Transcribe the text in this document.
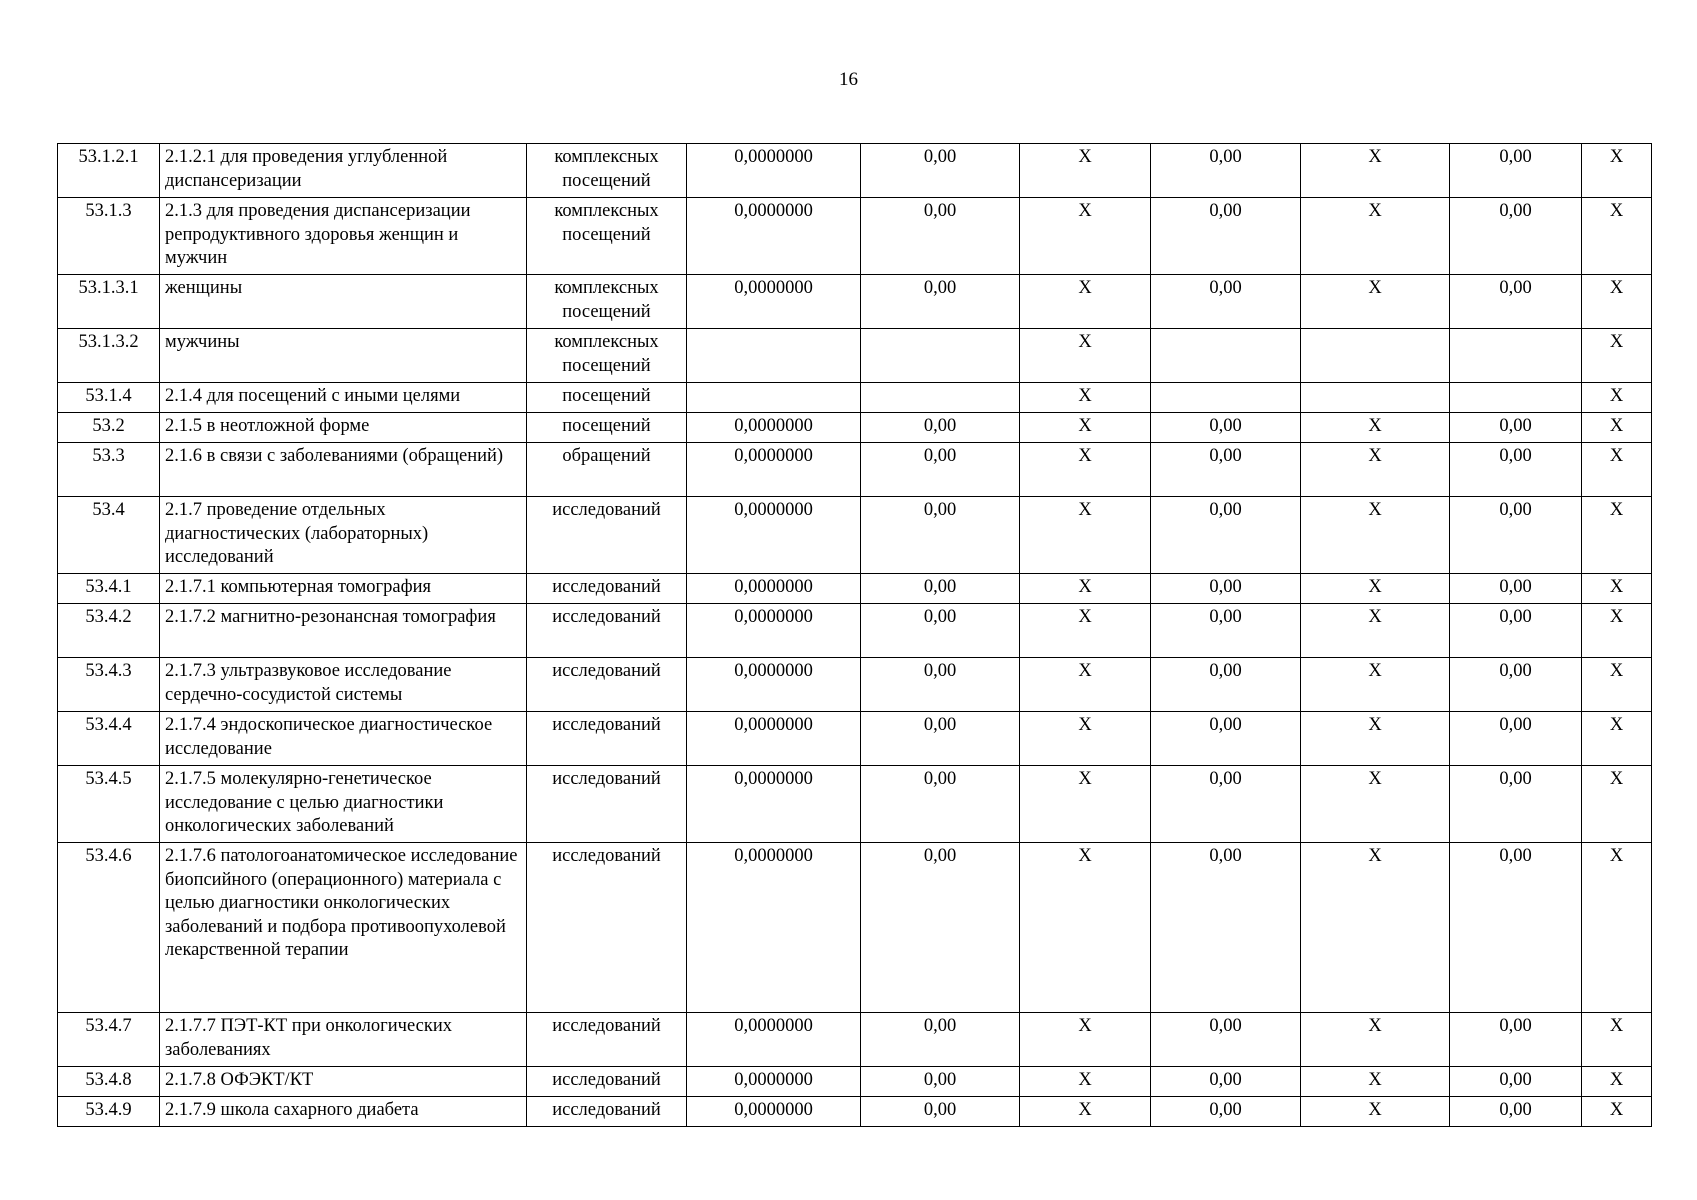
16
53.1.2.1	2.1.2.1 для проведения углубленной диспансеризации	комплексных посещений	0,0000000	0,00	Х	0,00	Х	0,00	Х
53.1.3	2.1.3 для проведения диспансеризации репродуктивного здоровья женщин и мужчин	комплексных посещений	0,0000000	0,00	Х	0,00	Х	0,00	Х
53.1.3.1	женщины	комплексных посещений	0,0000000	0,00	Х	0,00	Х	0,00	Х
53.1.3.2	мужчины	комплексных посещений			Х				Х
53.1.4	2.1.4 для посещений с иными целями	посещений			Х				Х
53.2	2.1.5 в неотложной форме	посещений	0,0000000	0,00	Х	0,00	Х	0,00	Х
53.3	2.1.6 в связи с заболеваниями (обращений)	обращений	0,0000000	0,00	Х	0,00	Х	0,00	Х
53.4	2.1.7 проведение отдельных диагностических (лабораторных) исследований	исследований	0,0000000	0,00	Х	0,00	Х	0,00	Х
53.4.1	2.1.7.1 компьютерная томография	исследований	0,0000000	0,00	Х	0,00	Х	0,00	Х
53.4.2	2.1.7.2 магнитно-резонансная томография	исследований	0,0000000	0,00	Х	0,00	Х	0,00	Х
53.4.3	2.1.7.3 ультразвуковое исследование сердечно-сосудистой системы	исследований	0,0000000	0,00	Х	0,00	Х	0,00	Х
53.4.4	2.1.7.4 эндоскопическое диагностическое исследование	исследований	0,0000000	0,00	Х	0,00	Х	0,00	Х
53.4.5	2.1.7.5 молекулярно-генетическое исследование с целью диагностики онкологических заболеваний	исследований	0,0000000	0,00	Х	0,00	Х	0,00	Х
53.4.6	2.1.7.6 патологоанатомическое исследование биопсийного (операционного) материала с целью диагностики онкологических заболеваний и подбора противоопухолевой лекарственной терапии	исследований	0,0000000	0,00	Х	0,00	Х	0,00	Х
53.4.7	2.1.7.7 ПЭТ-КТ при онкологических заболеваниях	исследований	0,0000000	0,00	Х	0,00	Х	0,00	Х
53.4.8	2.1.7.8 ОФЭКТ/КТ	исследований	0,0000000	0,00	Х	0,00	Х	0,00	Х
53.4.9	2.1.7.9 школа сахарного диабета	исследований	0,0000000	0,00	Х	0,00	Х	0,00	Х
